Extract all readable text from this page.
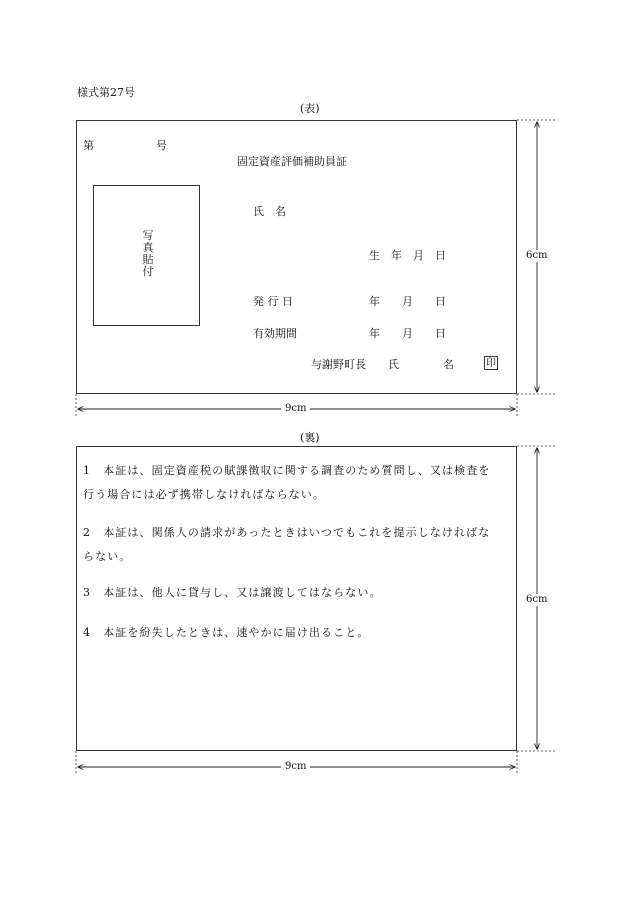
様式第27号
(表)
第	号
固定資産評価補助員証
写真貼付
氏　名
生　年　月　日
発 行 日	年　　月　　日
有効期間	年　　月　　日
与謝野町長　　氏　　　　名	印
(裏)
1　 本証は、固定資産税の賦課徴収に関する調査のため質問し、又は検査を
行う場合には必ず携帯しなければならない。
2　 本証は、関係人の請求があったときはいつでもこれを提示しなければな
らない。
3　 本証は、他人に貸与し、又は譲渡してはならない。
4　 本証を紛失したときは、速やかに届け出ること。
6cm
9cm
6cm
9cm
